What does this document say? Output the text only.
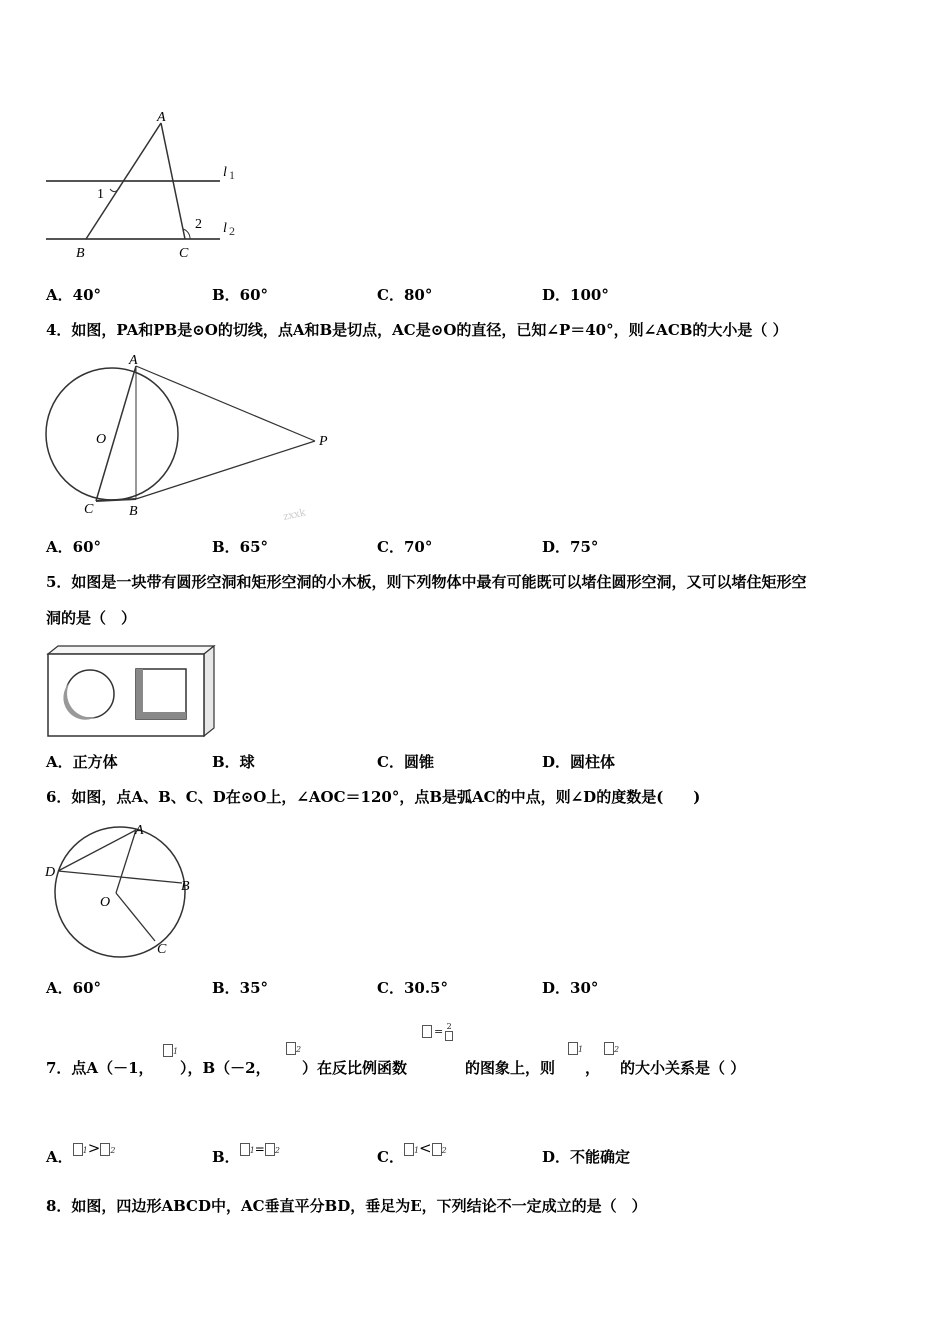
A
B	C
1
2
l 1
l 2
A．40°	B．60°	C．80°	D．100°
4．如图，PA和PB是⊙O的切线，点A和B是切点，AC是⊙O的直径，已知∠P＝40°，则∠ACB的大小是（ ）
A
O	P
C	B	zxxk
A．60°	B．65°	C．70°	D．75°
5．如图是一块带有圆形空洞和矩形空洞的小木板，则下列物体中最有可能既可以堵住圆形空洞，又可以堵住矩形空
洞的是（　）
A．正方体	B．球	C．圆锥	D．圆柱体
6．如图，点A、B、C、D在⊙O上，∠AOC＝120°，点B是弧AC的中点，则∠D的度数是(　　)
A
D
B
O
C
A．60°	B．35°	C．30.5°	D．30°
7．点A（－1，
1
），B（－2，
2
）在反比例函数
= 2

的图象上，则
1
，
2
的大小关系是（ ）
A． 1> 2	B． 1= 2	C． 1< 2	D．不能确定
8．如图，四边形ABCD中，AC垂直平分BD，垂足为E，下列结论不一定成立的是（　）
